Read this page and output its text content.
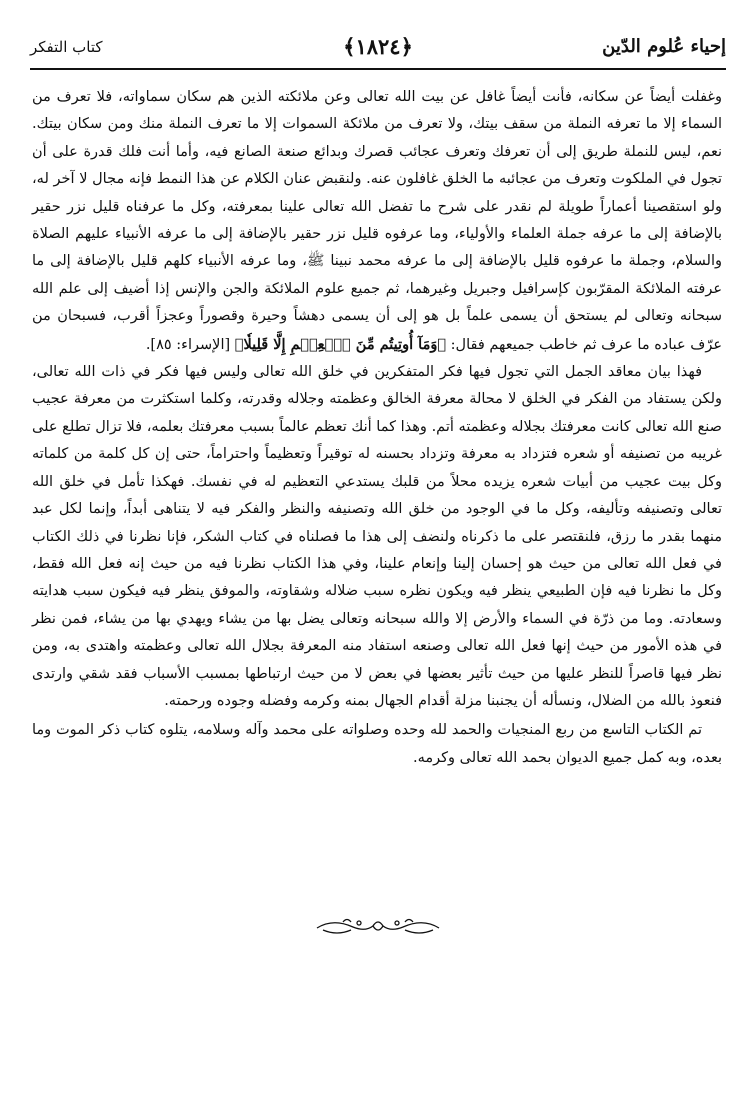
إحياء عُلوم الدّين
﴿١٨٢٤﴾
كتاب التفكر

وغفلت أيضاً عن سكانه، فأنت أيضاً غافل عن بيت الله تعالى وعن ملائكته الذين هم سكان سماواته، فلا تعرف من السماء إلا ما تعرفه النملة من سقف بيتك، ولا تعرف من ملائكة السموات إلا ما تعرف النملة منك ومن سكان بيتك. نعم، ليس للنملة طريق إلى أن تعرفك وتعرف عجائب قصرك وبدائع صنعة الصانع فيه، وأما أنت فلك قدرة على أن تجول في الملكوت وتعرف من عجائبه ما الخلق غافلون عنه. ولنقبض عنان الكلام عن هذا النمط فإنه مجال لا آخر له، ولو استقصينا أعماراً طويلة لم نقدر على شرح ما تفضل الله تعالى علينا بمعرفته، وكل ما عرفناه قليل نزر حقير بالإضافة إلى ما عرفه جملة العلماء والأولياء، وما عرفوه قليل نزر حقير بالإضافة إلى ما عرفه الأنبياء عليهم الصلاة والسلام، وجملة ما عرفوه قليل بالإضافة إلى ما عرفه محمد نبينا ﷺ، وما عرفه الأنبياء كلهم قليل بالإضافة إلى ما عرفته الملائكة المقرّبون كإسرافيل وجبريل وغيرهما، ثم جميع علوم الملائكة والجن والإنس إذا أضيف إلى علم الله سبحانه وتعالى لم يستحق أن يسمى علماً بل هو إلى أن يسمى دهشاً وحيرة وقصوراً وعجزاً أقرب، فسبحان من عرّف عباده ما عرف ثم خاطب جميعهم فقال: ﴿وَمَآ أُوتِيتُم مِّنَ ٱلۡعِلۡمِ إِلَّا قَلِيلٗا﴾ [الإسراء: ٨٥].

فهذا بيان معاقد الجمل التي تجول فيها فكر المتفكرين في خلق الله تعالى وليس فيها فكر في ذات الله تعالى، ولكن يستفاد من الفكر في الخلق لا محالة معرفة الخالق وعظمته وجلاله وقدرته، وكلما استكثرت من معرفة عجيب صنع الله تعالى كانت معرفتك بجلاله وعظمته أتم. وهذا كما أنك تعظم عالماً بسبب معرفتك بعلمه، فلا تزال تطلع على غريبه من تصنيفه أو شعره فتزداد به معرفة وتزداد بحسنه له توقيراً وتعظيماً واحتراماً، حتى إن كل كلمة من كلماته وكل بيت عجيب من أبيات شعره يزيده محلاً من قلبك يستدعي التعظيم له في نفسك. فهكذا تأمل في خلق الله تعالى وتصنيفه وتأليفه، وكل ما في الوجود من خلق الله وتصنيفه والنظر والفكر فيه لا يتناهى أبداً، وإنما لكل عبد منهما بقدر ما رزق، فلنقتصر على ما ذكرناه ولنضف إلى هذا ما فصلناه في كتاب الشكر، فإنا نظرنا في ذلك الكتاب في فعل الله تعالى من حيث هو إحسان إلينا وإنعام علينا، وفي هذا الكتاب نظرنا فيه من حيث إنه فعل الله فقط، وكل ما نظرنا فيه فإن الطبيعي ينظر فيه ويكون نظره سبب ضلاله وشقاوته، والموفق ينظر فيه فيكون سبب هدايته وسعادته. وما من ذرّة في السماء والأرض إلا والله سبحانه وتعالى يضل بها من يشاء ويهدي بها من يشاء، فمن نظر في هذه الأمور من حيث إنها فعل الله تعالى وصنعه استفاد منه المعرفة بجلال الله تعالى وعظمته واهتدى به، ومن نظر فيها قاصراً للنظر عليها من حيث تأثير بعضها في بعض لا من حيث ارتباطها بمسبب الأسباب فقد شقي وارتدى فنعوذ بالله من الضلال، ونسأله أن يجنبنا مزلة أقدام الجهال بمنه وكرمه وفضله وجوده ورحمته.

تم الكتاب التاسع من ربع المنجيات والحمد لله وحده وصلواته على محمد وآله وسلامه، يتلوه كتاب ذكر الموت وما بعده، وبه كمل جميع الديوان بحمد الله تعالى وكرمه.
